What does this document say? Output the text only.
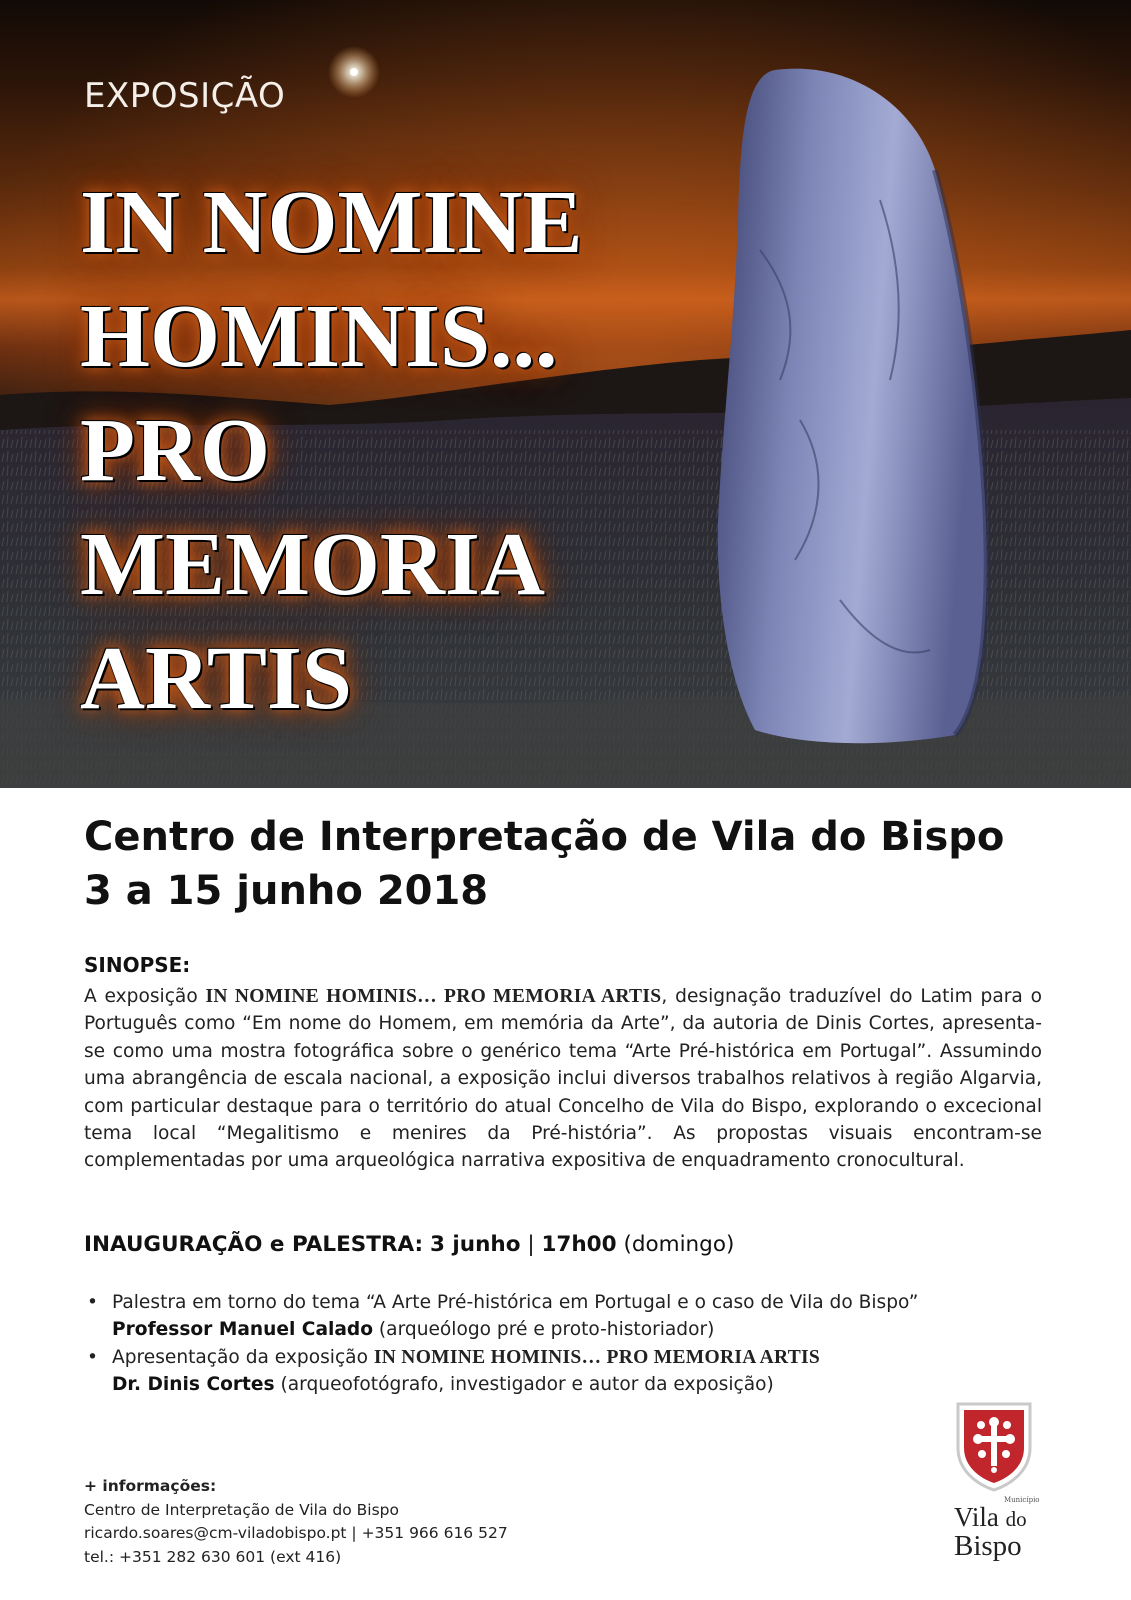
EXPOSIÇÃO
IN NOMINE
HOMINIS...
PRO
MEMORIA
ARTIS
Centro de Interpretação de Vila do Bispo
3 a 15 junho 2018
SINOPSE:

A exposição IN NOMINE HOMINIS… PRO MEMORIA ARTIS, designação traduzível do Latim para o Português como “Em nome do Homem, em memória da Arte”, da autoria de Dinis Cortes, apresenta-se como uma mostra fotográfica sobre o genérico tema “Arte Pré-histórica em Portugal”. Assumindo uma abrangência de escala nacional, a exposição inclui diversos trabalhos relativos à região Algarvia, com particular destaque para o território do atual Concelho de Vila do Bispo, explorando o excecional tema local “Megalitismo e menires da Pré-história”. As propostas visuais encontram-se complementadas por uma arqueológica narrativa expositiva de enquadramento cronocultural.

INAUGURAÇÃO e PALESTRA: 3 junho | 17h00 (domingo)
• Palestra em torno do tema “A Arte Pré-histórica em Portugal e o caso de Vila do Bispo”
Professor Manuel Calado (arqueólogo pré e proto-historiador)
• Apresentação da exposição IN NOMINE HOMINIS… PRO MEMORIA ARTIS
Dr. Dinis Cortes (arqueofotógrafo, investigador e autor da exposição)
+ informações:
Centro de Interpretação de Vila do Bispo
ricardo.soares@cm-viladobispo.pt | +351 966 616 527
tel.: +351 282 630 601 (ext 416)
Município
Vila do
Bispo
